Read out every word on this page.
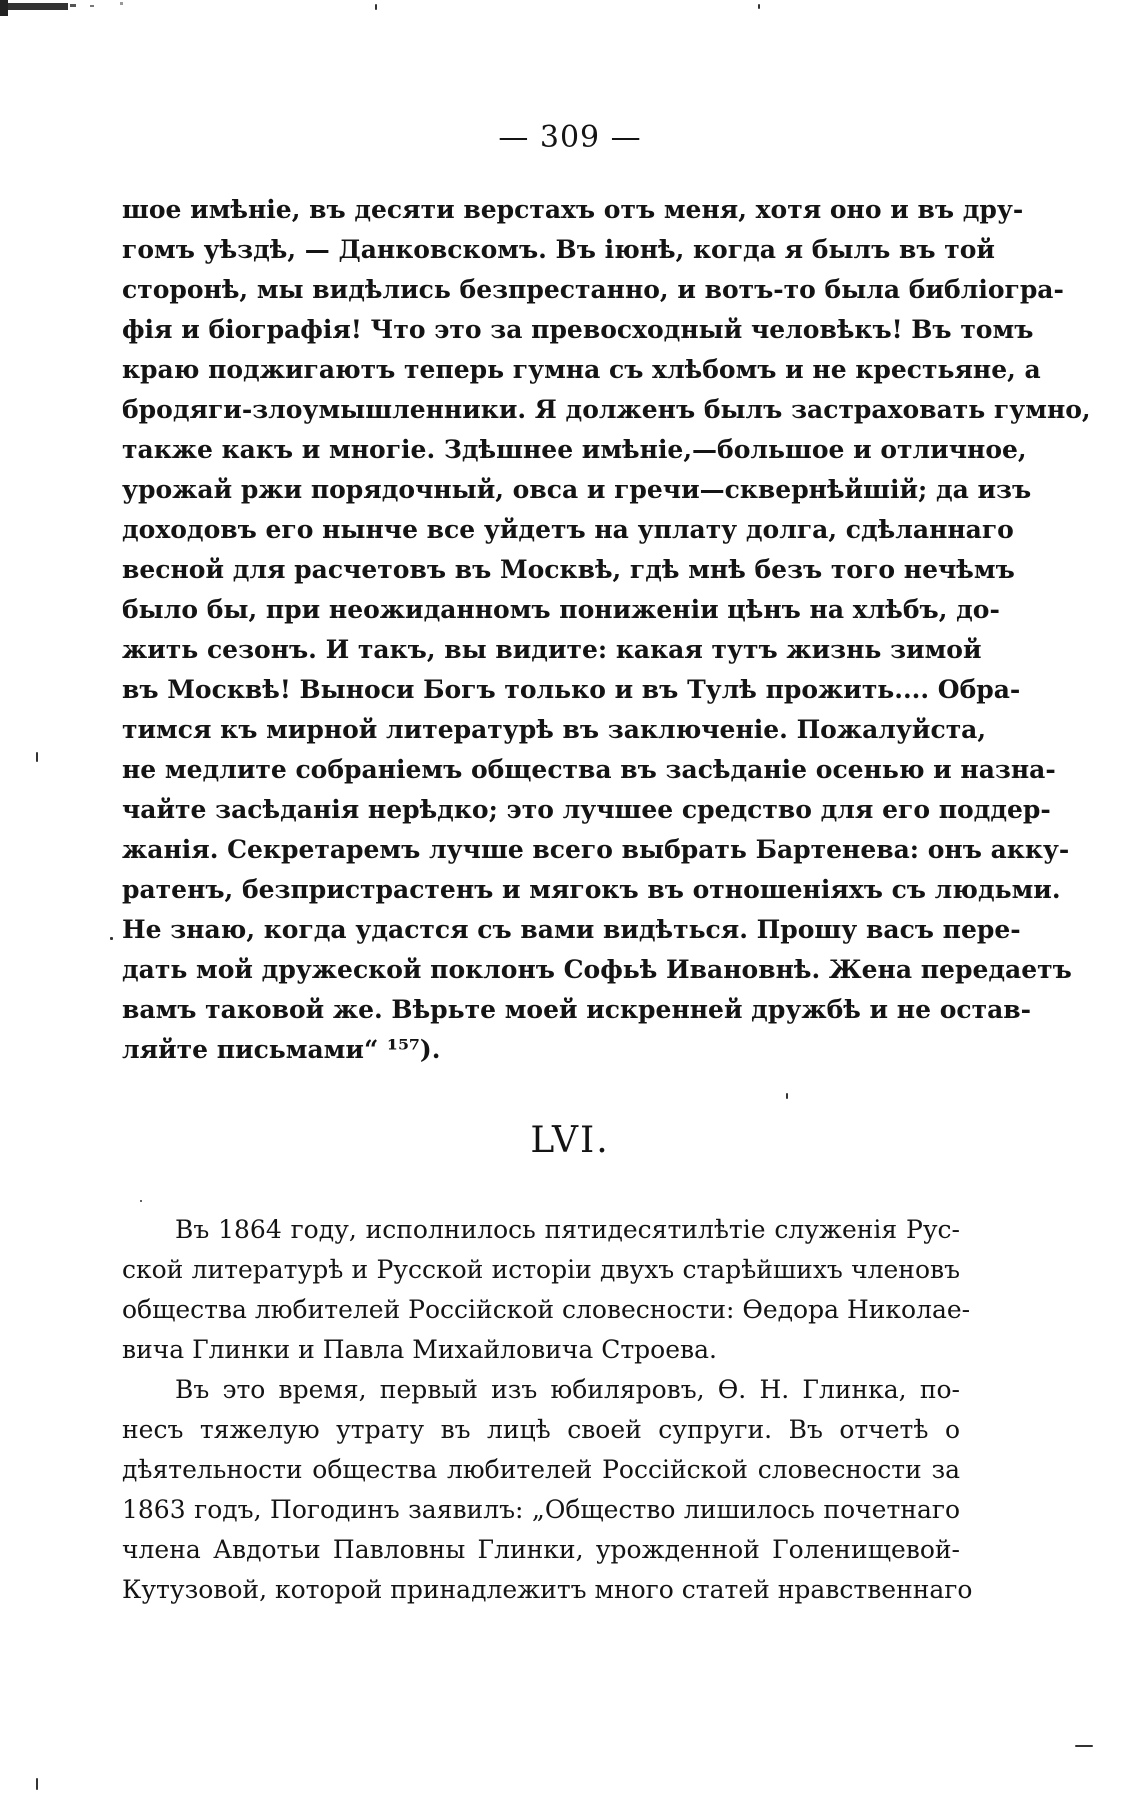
— 309 —
шое имѣніе, въ десяти верстахъ отъ меня, хотя оно и въ дру-
гомъ уѣздѣ, — Данковскомъ. Въ іюнѣ, когда я былъ въ той
сторонѣ, мы видѣлись безпрестанно, и вотъ-то была библіогра-
фія и біографія! Что это за превосходный человѣкъ! Въ томъ
краю поджигаютъ теперь гумна съ хлѣбомъ и не крестьяне, а
бродяги-злоумышленники. Я долженъ былъ застраховать гумно,
также какъ и многіе. Здѣшнее имѣніе,—большое и отличное,
урожай ржи порядочный, овса и гречи—сквернѣйшій; да изъ
доходовъ его нынче все уйдетъ на уплату долга, сдѣланнаго
весной для расчетовъ въ Москвѣ, гдѣ мнѣ безъ того нечѣмъ
было бы, при неожиданномъ пониженіи цѣнъ на хлѣбъ, до-
жить сезонъ. И такъ, вы видите: какая тутъ жизнь зимой
въ Москвѣ! Выноси Богъ только и въ Тулѣ прожить.... Обра-
тимся къ мирной литературѣ въ заключеніе. Пожалуйста,
не медлите собраніемъ общества въ засѣданіе осенью и назна-
чайте засѣданія нерѣдко; это лучшее средство для его поддер-
жанія. Секретаремъ лучше всего выбрать Бартенева: онъ акку-
ратенъ, безпристрастенъ и мягокъ въ отношеніяхъ съ людьми.
Не знаю, когда удастся съ вами видѣться. Прошу васъ пере-
дать мой дружеской поклонъ Софьѣ Ивановнѣ. Жена передаетъ
вамъ таковой же. Вѣрьте моей искренней дружбѣ и не остав-
ляйте письмами“ ¹⁵⁷).
LVI.
Въ 1864 году, исполнилось пятидесятилѣтіе служенія Рус-
ской литературѣ и Русской исторіи двухъ старѣйшихъ членовъ
общества любителей Россійской словесности: Ѳедора Николае-
вича Глинки и Павла Михайловича Строева.
Въ это время, первый изъ юбиляровъ, Ѳ. Н. Глинка, по-
несъ тяжелую утрату въ лицѣ своей супруги. Въ отчетѣ о
дѣятельности общества любителей Россійской словесности за
1863 годъ, Погодинъ заявилъ: „Общество лишилось почетнаго
члена Авдотьи Павловны Глинки, урожденной Голенищевой-
Кутузовой, которой принадлежитъ много статей нравственнаго
